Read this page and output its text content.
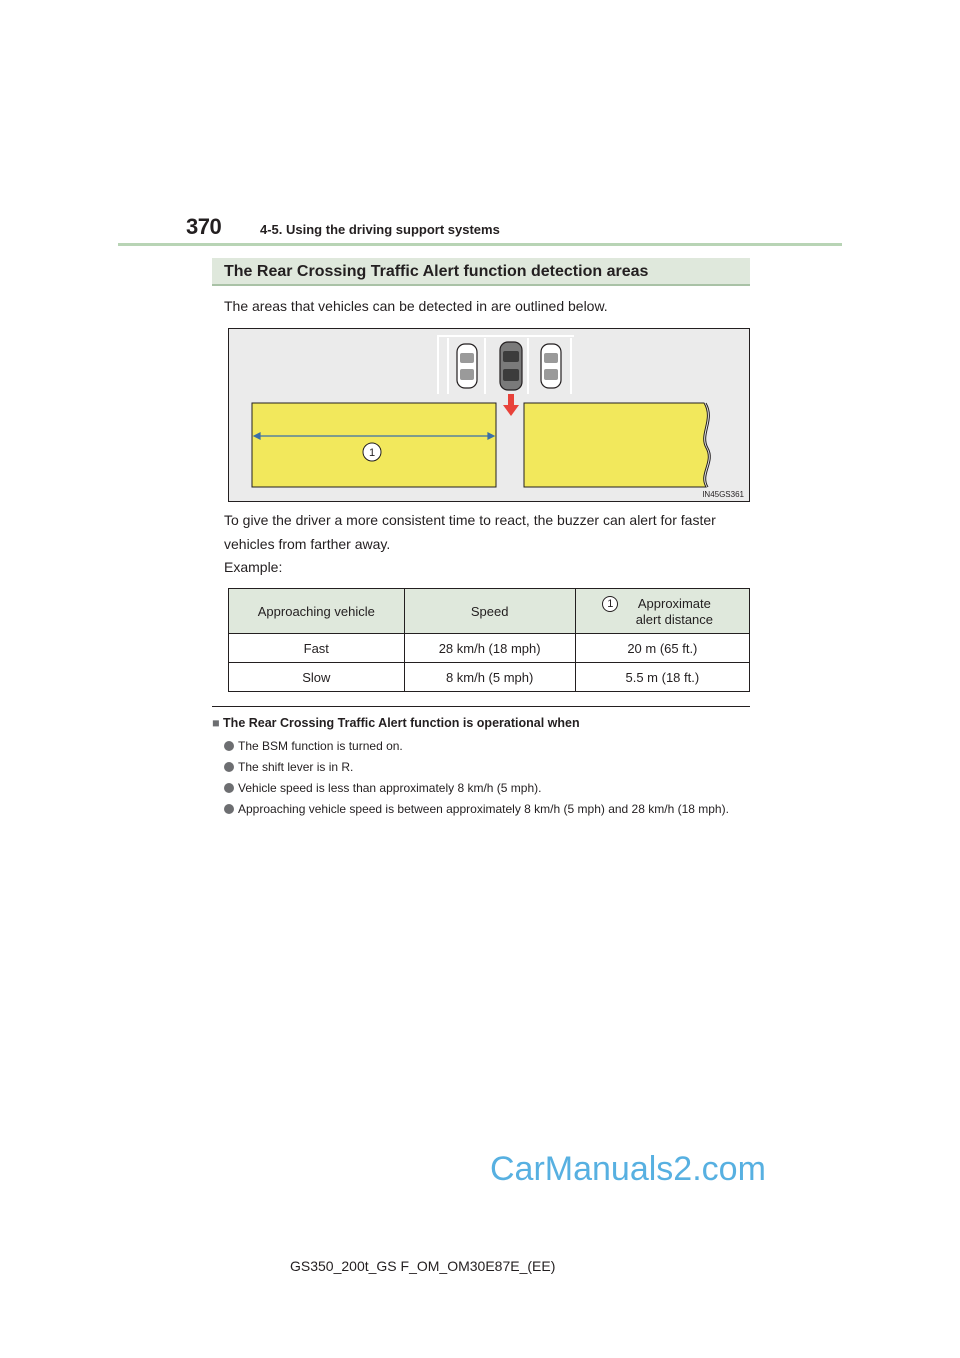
370	4-5. Using the driving support systems
The Rear Crossing Traffic Alert function detection areas
The areas that vehicles can be detected in are outlined below.
1
IN45GS361
To give the driver a more consistent time to react, the buzzer can alert for faster vehicles from farther away.
Example:
Approaching vehicle	Speed	1 Approximate alert distance

Fast	28 km/h (18 mph)	20 m (65 ft.)
Slow	8 km/h (5 mph)	5.5 m (18 ft.)
■ The Rear Crossing Traffic Alert function is operational when
The BSM function is turned on.
The shift lever is in R.
Vehicle speed is less than approximately 8 km/h (5 mph).
Approaching vehicle speed is between approximately 8 km/h (5 mph) and 28 km/h (18 mph).
CarManuals2.com
GS350_200t_GS F_OM_OM30E87E_(EE)
